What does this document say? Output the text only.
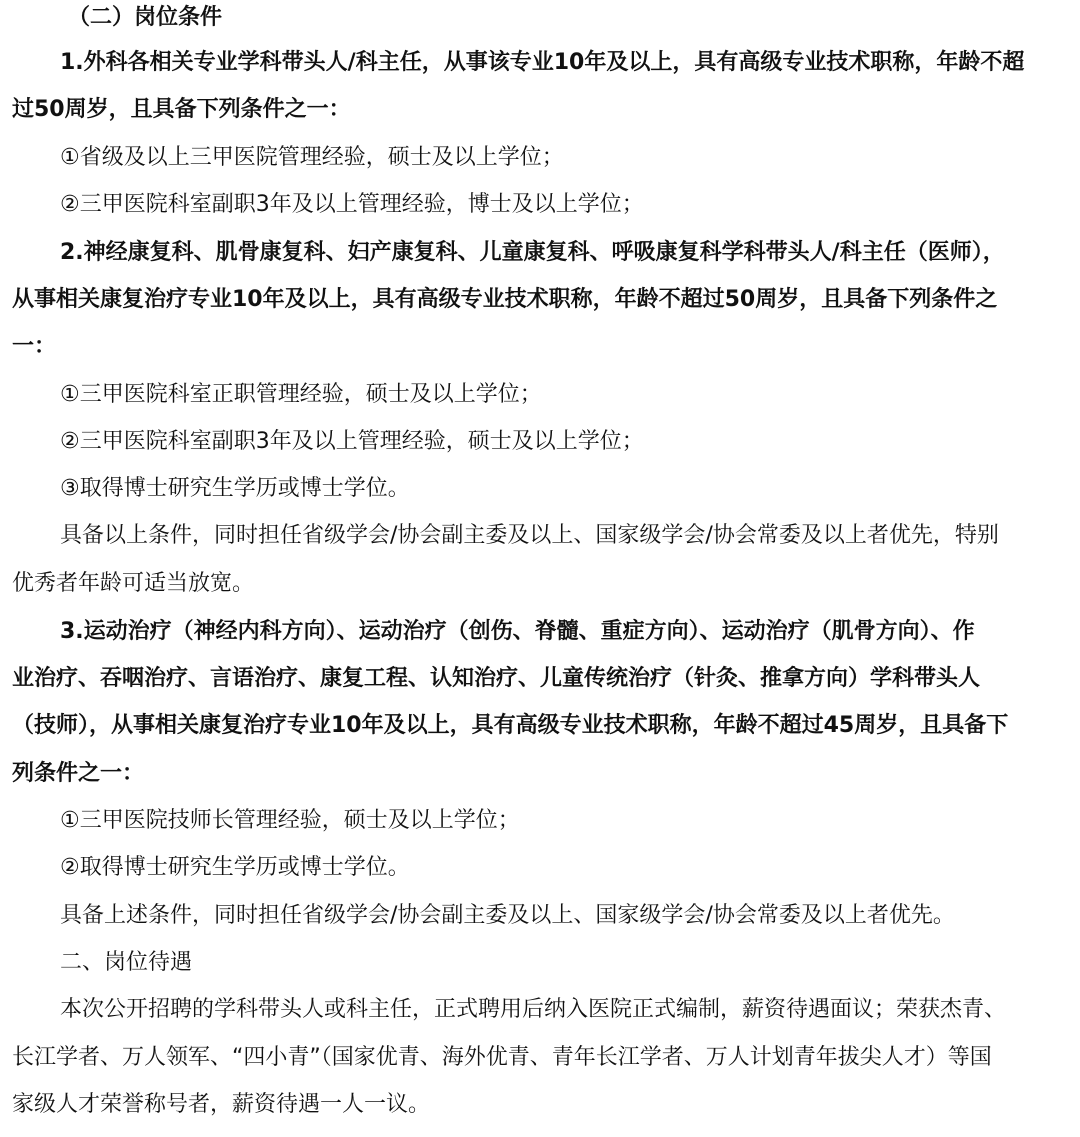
（二）岗位条件
1.外科各相关专业学科带头人/科主任，从事该专业10年及以上，具有高级专业技术职称，年龄不超
过50周岁，且具备下列条件之一：
①省级及以上三甲医院管理经验，硕士及以上学位；
②三甲医院科室副职3年及以上管理经验，博士及以上学位；
2.神经康复科、肌骨康复科、妇产康复科、儿童康复科、呼吸康复科学科带头人/科主任（医师），
从事相关康复治疗专业10年及以上，具有高级专业技术职称，年龄不超过50周岁，且具备下列条件之
一：
①三甲医院科室正职管理经验，硕士及以上学位；
②三甲医院科室副职3年及以上管理经验，硕士及以上学位；
③取得博士研究生学历或博士学位。
具备以上条件，同时担任省级学会/协会副主委及以上、国家级学会/协会常委及以上者优先，特别
优秀者年龄可适当放宽。
3.运动治疗（神经内科方向）、运动治疗（创伤、脊髓、重症方向）、运动治疗（肌骨方向）、作
业治疗、吞咽治疗、言语治疗、康复工程、认知治疗、儿童传统治疗（针灸、推拿方向）学科带头人
（技师），从事相关康复治疗专业10年及以上，具有高级专业技术职称，年龄不超过45周岁，且具备下
列条件之一：
①三甲医院技师长管理经验，硕士及以上学位；
②取得博士研究生学历或博士学位。
具备上述条件，同时担任省级学会/协会副主委及以上、国家级学会/协会常委及以上者优先。
二、岗位待遇
本次公开招聘的学科带头人或科主任，正式聘用后纳入医院正式编制，薪资待遇面议；荣获杰青、
长江学者、万人领军、“四小青”（国家优青、海外优青、青年长江学者、万人计划青年拔尖人才）等国
家级人才荣誉称号者，薪资待遇一人一议。
